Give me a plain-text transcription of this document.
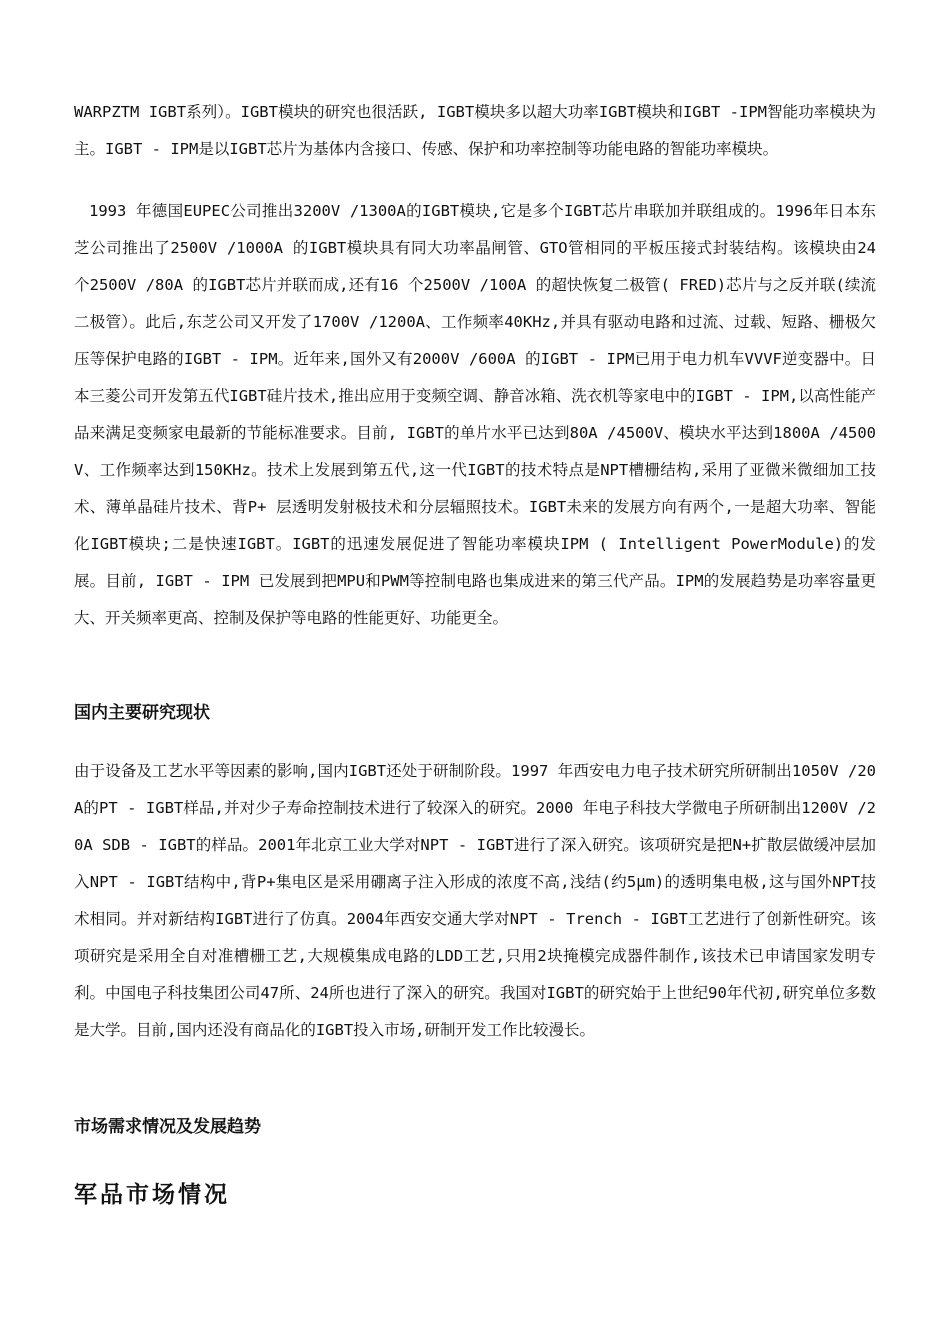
WARPZTM IGBT系列）。IGBT模块的研究也很活跃, IGBT模块多以超大功率IGBT模块和IGBT -IPM智能功率模块为主。IGBT - IPM是以IGBT芯片为基体内含接口、传感、保护和功率控制等功能电路的智能功率模块。

1993 年德国EUPEC公司推出3200V /1300A的IGBT模块,它是多个IGBT芯片串联加并联组成的。1996年日本东芝公司推出了2500V /1000A 的IGBT模块具有同大功率晶闸管、GTO管相同的平板压接式封装结构。该模块由24 个2500V /80A 的IGBT芯片并联而成,还有16 个2500V /100A 的超快恢复二极管( FRED)芯片与之反并联(续流二极管）。此后,东芝公司又开发了1700V /1200A、工作频率40KHz,并具有驱动电路和过流、过载、短路、栅极欠压等保护电路的IGBT - IPM。近年来,国外又有2000V /600A 的IGBT - IPM已用于电力机车VVVF逆变器中。日本三菱公司开发第五代IGBT硅片技术,推出应用于变频空调、静音冰箱、洗衣机等家电中的IGBT - IPM,以高性能产品来满足变频家电最新的节能标准要求。目前, IGBT的单片水平已达到80A /4500V、模块水平达到1800A /4500V、工作频率达到150KHz。技术上发展到第五代,这一代IGBT的技术特点是NPT槽栅结构,采用了亚微米微细加工技术、薄单晶硅片技术、背P+ 层透明发射极技术和分层辐照技术。IGBT未来的发展方向有两个,一是超大功率、智能化IGBT模块;二是快速IGBT。IGBT的迅速发展促进了智能功率模块IPM ( Intelligent PowerModule)的发展。目前, IGBT - IPM 已发展到把MPU和PWM等控制电路也集成进来的第三代产品。IPM的发展趋势是功率容量更大、开关频率更高、控制及保护等电路的性能更好、功能更全。

国内主要研究现状

由于设备及工艺水平等因素的影响,国内IGBT还处于研制阶段。1997 年西安电力电子技术研究所研制出1050V /20A的PT - IGBT样品,并对少子寿命控制技术进行了较深入的研究。2000 年电子科技大学微电子所研制出1200V /20A SDB - IGBT的样品。2001年北京工业大学对NPT - IGBT进行了深入研究。该项研究是把N+扩散层做缓冲层加入NPT - IGBT结构中,背P+集电区是采用硼离子注入形成的浓度不高,浅结(约5μm)的透明集电极,这与国外NPT技术相同。并对新结构IGBT进行了仿真。2004年西安交通大学对NPT - Trench - IGBT工艺进行了创新性研究。该项研究是采用全自对准槽栅工艺,大规模集成电路的LDD工艺,只用2块掩模完成器件制作,该技术已申请国家发明专利。中国电子科技集团公司47所、24所也进行了深入的研究。我国对IGBT的研究始于上世纪90年代初,研究单位多数是大学。目前,国内还没有商品化的IGBT投入市场,研制开发工作比较漫长。

市场需求情况及发展趋势
军品市场情况
